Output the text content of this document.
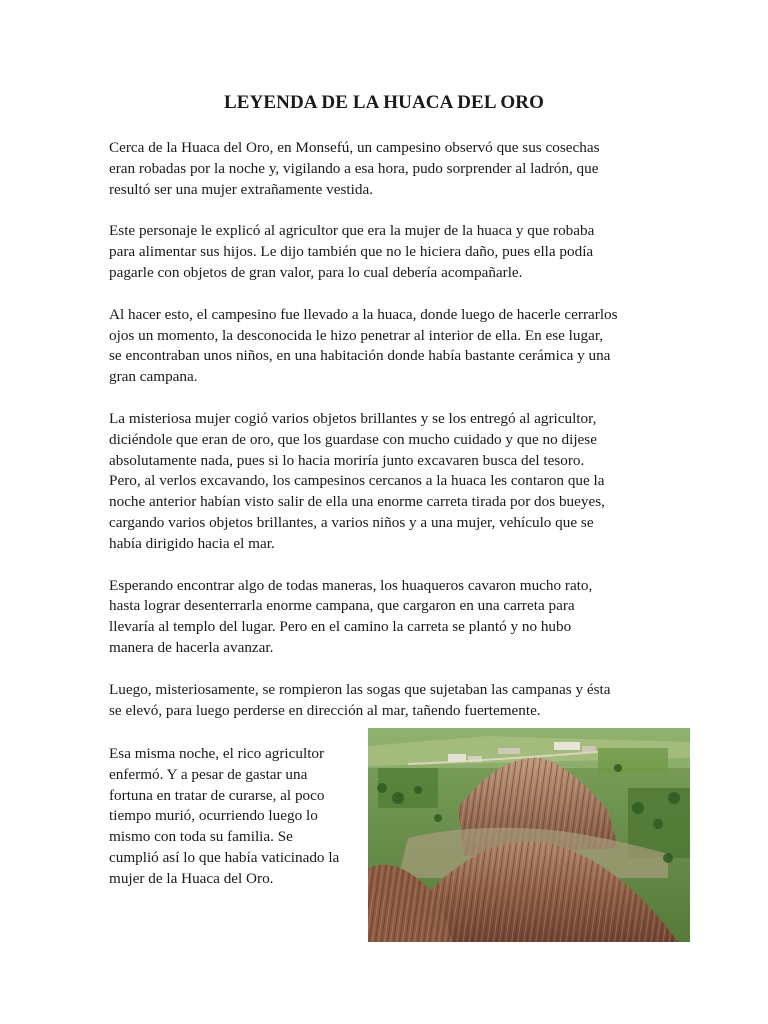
LEYENDA DE LA HUACA DEL ORO

Cerca de la Huaca del Oro, en Monsefú, un campesino observó que sus cosechas
eran robadas por la noche y, vigilando a esa hora, pudo sorprender al ladrón, que
resultó ser una mujer extrañamente vestida.

Este personaje le explicó al agricultor que era la mujer de la huaca y que robaba
para alimentar sus hijos. Le dijo también que no le hiciera daño, pues ella podía
pagarle con objetos de gran valor, para lo cual debería acompañarle.

Al hacer esto, el campesino fue llevado a la huaca, donde luego de hacerle cerrarlos
ojos un momento, la desconocida le hizo penetrar al interior de ella. En ese lugar,
se encontraban unos niños, en una habitación donde había bastante cerámica y una
gran campana.

La misteriosa mujer cogió varios objetos brillantes y se los entregó al agricultor,
diciéndole que eran de oro, que los guardase con mucho cuidado y que no dijese
absolutamente nada, pues si lo hacia moriría junto excavaren busca del tesoro.
Pero, al verlos excavando, los campesinos cercanos a la huaca les contaron que la
noche anterior habían visto salir de ella una enorme carreta tirada por dos bueyes,
cargando varios objetos brillantes, a varios niños y a una mujer, vehículo que se
había dirigido hacia el mar.

Esperando encontrar algo de todas maneras, los huaqueros cavaron mucho rato,
hasta lograr desenterrarla enorme campana, que cargaron en una carreta para
llevaría al templo del lugar. Pero en el camino la carreta se plantó y no hubo
manera de hacerla avanzar.

Luego, misteriosamente, se rompieron las sogas que sujetaban las campanas y ésta
se elevó, para luego perderse en dirección al mar, tañendo fuertemente.

Esa misma noche, el rico agricultor
enfermó. Y a pesar de gastar una
fortuna en tratar de curarse, al poco
tiempo murió, ocurriendo luego lo
mismo con toda su familia. Se
cumplió así lo que había vaticinado la
mujer de la Huaca del Oro.
